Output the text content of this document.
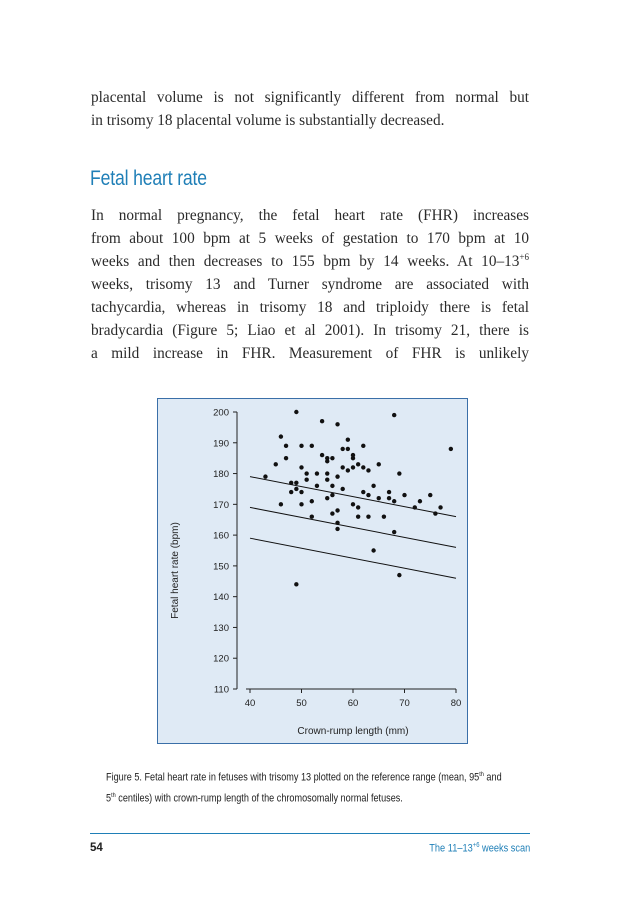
placental volume is not significantly different from normal but
in trisomy 18 placental volume is substantially decreased.
Fetal heart rate
In normal pregnancy, the fetal heart rate (FHR) increases
from about 100 bpm at 5 weeks of gestation to 170 bpm at 10
weeks and then decreases to 155 bpm by 14 weeks. At $10-13^{+6}$
weeks, trisomy 13 and Turner syndrome are associated with
tachycardia, whereas in trisomy 18 and triploidy there is fetal
bradycardia (Figure 5; Liao et al 2001). In trisomy 21, there is
a mild increase in FHR. Measurement of FHR is unlikely
110
120
130
140
150
160
170
180
190
200
40	50	60	70	80
Crown-rump length (mm)
Fetal heart rate (bpm)
Figure 5. Fetal heart rate in fetuses with trisomy 13 plotted on the reference range (mean, 95th and
5th centiles) with crown-rump length of the chromosomally normal fetuses.
54	The $11-13^{+6}$ weeks scan
